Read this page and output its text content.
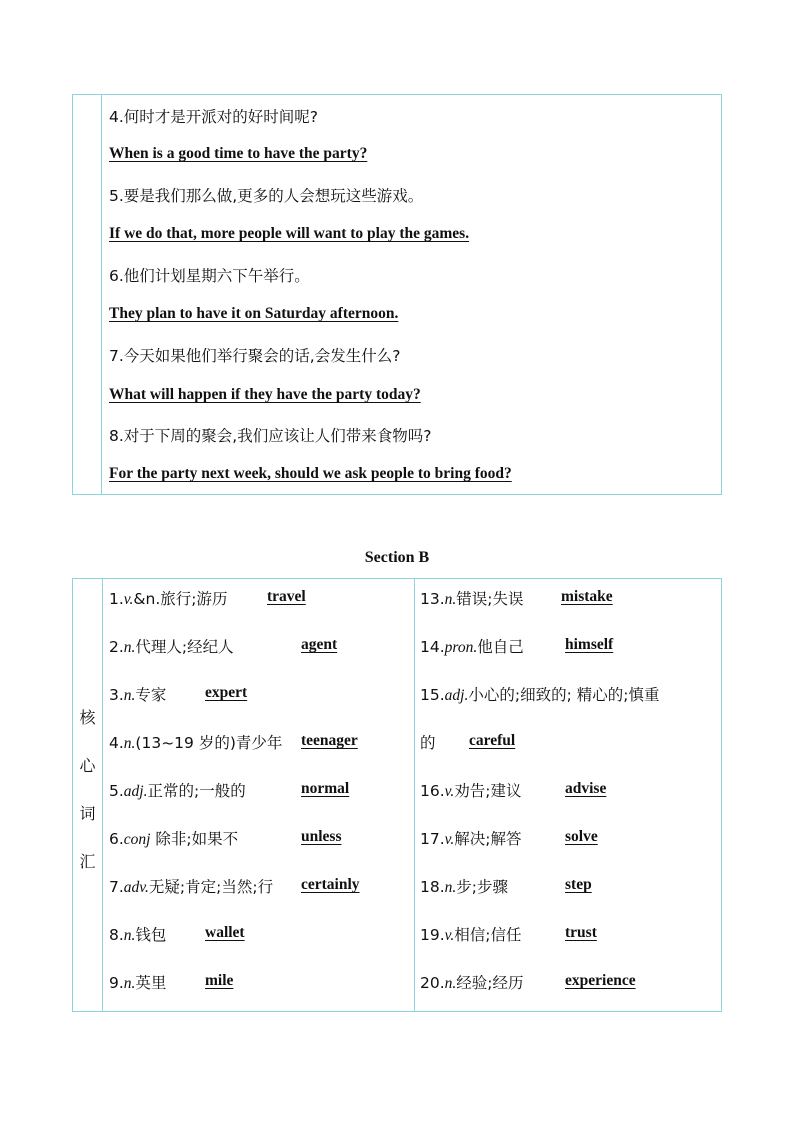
4.何时才是开派对的好时间呢?
When is a good time to have the party?
5.要是我们那么做,更多的人会想玩这些游戏。
If we do that, more people will want to play the games.
6.他们计划星期六下午举行。
They plan to have it on Saturday afternoon.
7.今天如果他们举行聚会的话,会发生什么?
What will happen if they have the party today?
8.对于下周的聚会,我们应该让人们带来食物吗?
For the party next week, should we ask people to bring food?
Section B
核
心
词
汇
1.v.&n.旅行;游历	travel
2.n.代理人;经纪人	agent
3.n.专家 expert
4.n.(13~19 岁的)青少年 teenager
5.adj.正常的;一般的	normal
6.conj 除非;如果不	unless
7.adv.无疑;肯定;当然;行 certainly
8.n.钱包 wallet
9.n.英里 mile
13.n.错误;失误 mistake
14.pron.他自己	himself
15.adj.小心的;细致的; 精心的;慎重
的 careful
16.v.劝告;建议	advise
17.v.解决;解答	solve
18.n.步;步骤	step
19.v.相信;信任	trust
20.n.经验;经历	experience
